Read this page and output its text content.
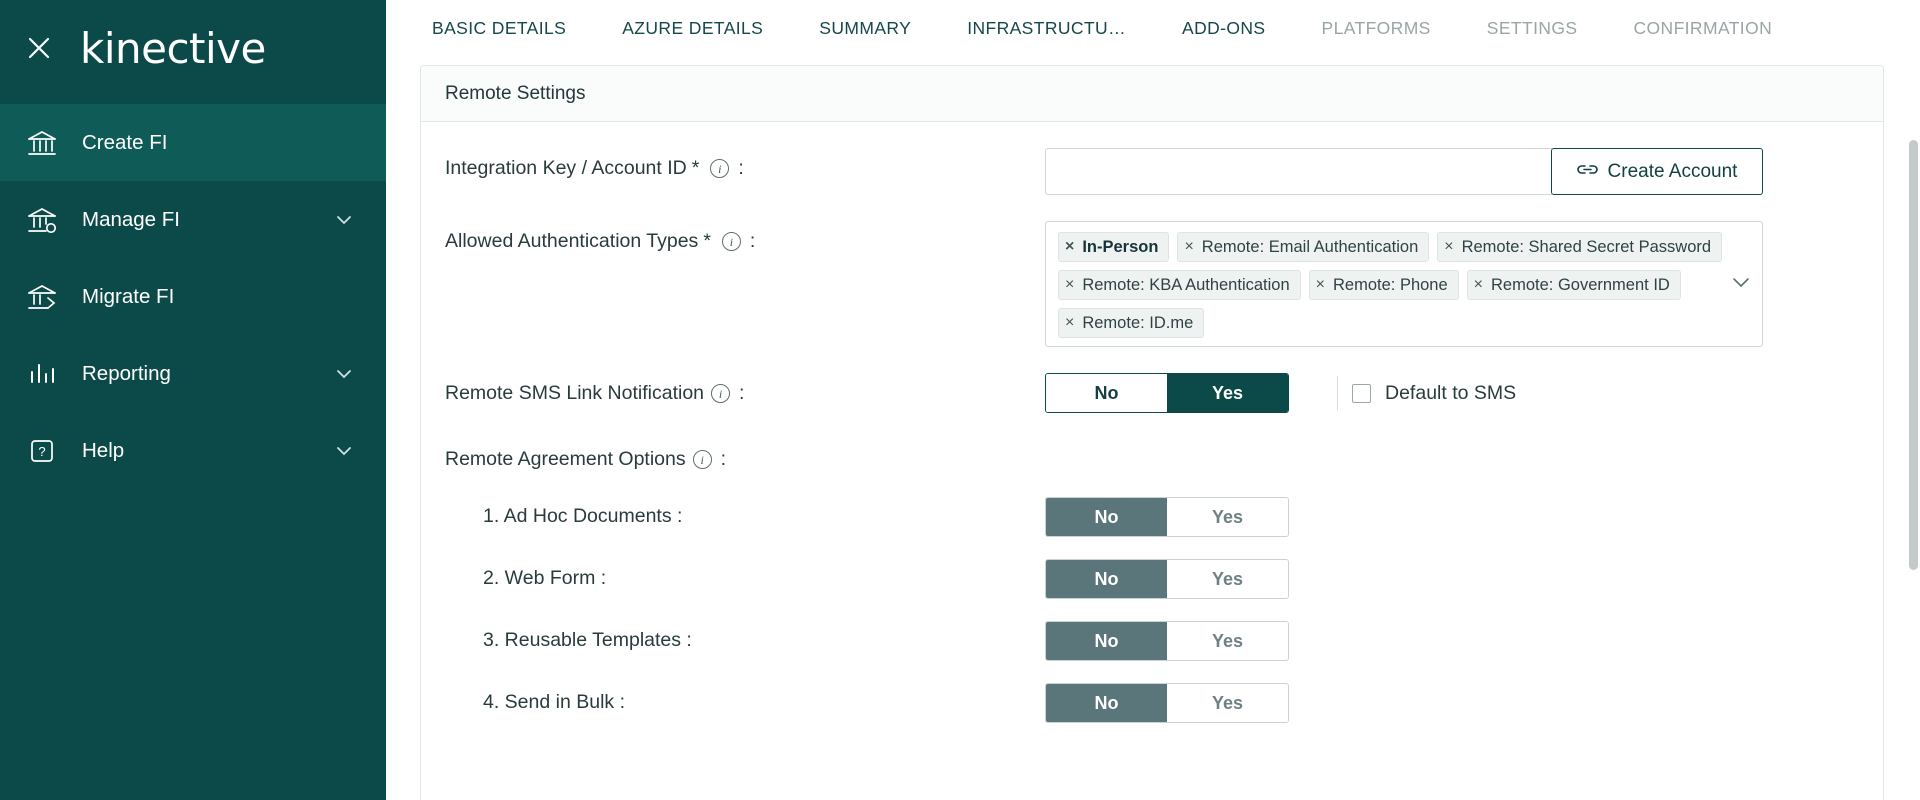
kinective
Create FI
Manage FI
Migrate FI
Reporting
? Help
BASIC DETAILS	AZURE DETAILS	SUMMARY	INFRASTRUCTU…	ADD-ONS	PLATFORMS	SETTINGS	CONFIRMATION
Remote Settings
Integration Key / Account ID *	i :	Create Account
Allowed Authentication Types *	i :	× In-Person × Remote: Email Authentication × Remote: Shared Secret Password
× Remote: KBA Authentication × Remote: Phone × Remote: Government ID
× Remote: ID.me
Remote SMS Link Notification	i :	No	Yes	Default to SMS
Remote Agreement Options	i :
1. Ad Hoc Documents :	No	Yes
2. Web Form :	No	Yes
3. Reusable Templates :	No	Yes
4. Send in Bulk :	No	Yes
